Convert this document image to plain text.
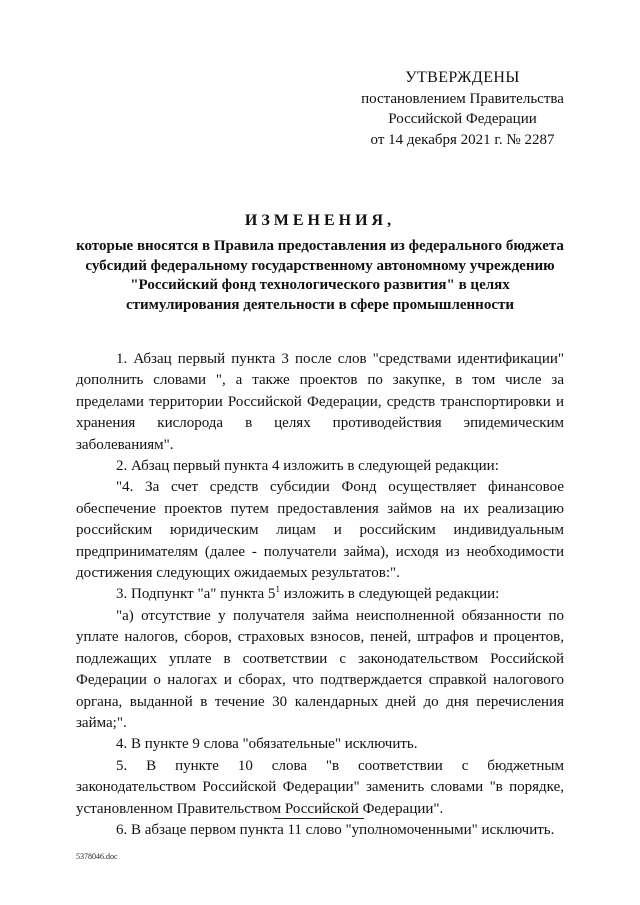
УТВЕРЖДЕНЫ
постановлением Правительства
Российской Федерации
от 14 декабря 2021 г. № 2287
ИЗМЕНЕНИЯ,
которые вносятся в Правила предоставления из федерального бюджета субсидий федеральному государственному автономному учреждению "Российский фонд технологического развития" в целях стимулирования деятельности в сфере промышленности

1. Абзац первый пункта 3 после слов "средствами идентификации" дополнить словами ", а также проектов по закупке, в том числе за пределами территории Российской Федерации, средств транспортировки и хранения кислорода в целях противодействия эпидемическим заболеваниям".

2. Абзац первый пункта 4 изложить в следующей редакции:

"4. За счет средств субсидии Фонд осуществляет финансовое обеспечение проектов путем предоставления займов на их реализацию российским юридическим лицам и российским индивидуальным предпринимателям (далее - получатели займа), исходя из необходимости достижения следующих ожидаемых результатов:".

3. Подпункт "а" пункта $5^1$ изложить в следующей редакции:

"а) отсутствие у получателя займа неисполненной обязанности по уплате налогов, сборов, страховых взносов, пеней, штрафов и процентов, подлежащих уплате в соответствии с законодательством Российской Федерации о налогах и сборах, что подтверждается справкой налогового органа, выданной в течение 30 календарных дней до дня перечисления займа;".

4. В пункте 9 слова "обязательные" исключить.

5. В пункте 10 слова "в соответствии с бюджетным законодательством Российской Федерации" заменить словами "в порядке, установленном Правительством Российской Федерации".

6. В абзаце первом пункта 11 слово "уполномоченными" исключить.

5378046.doc
